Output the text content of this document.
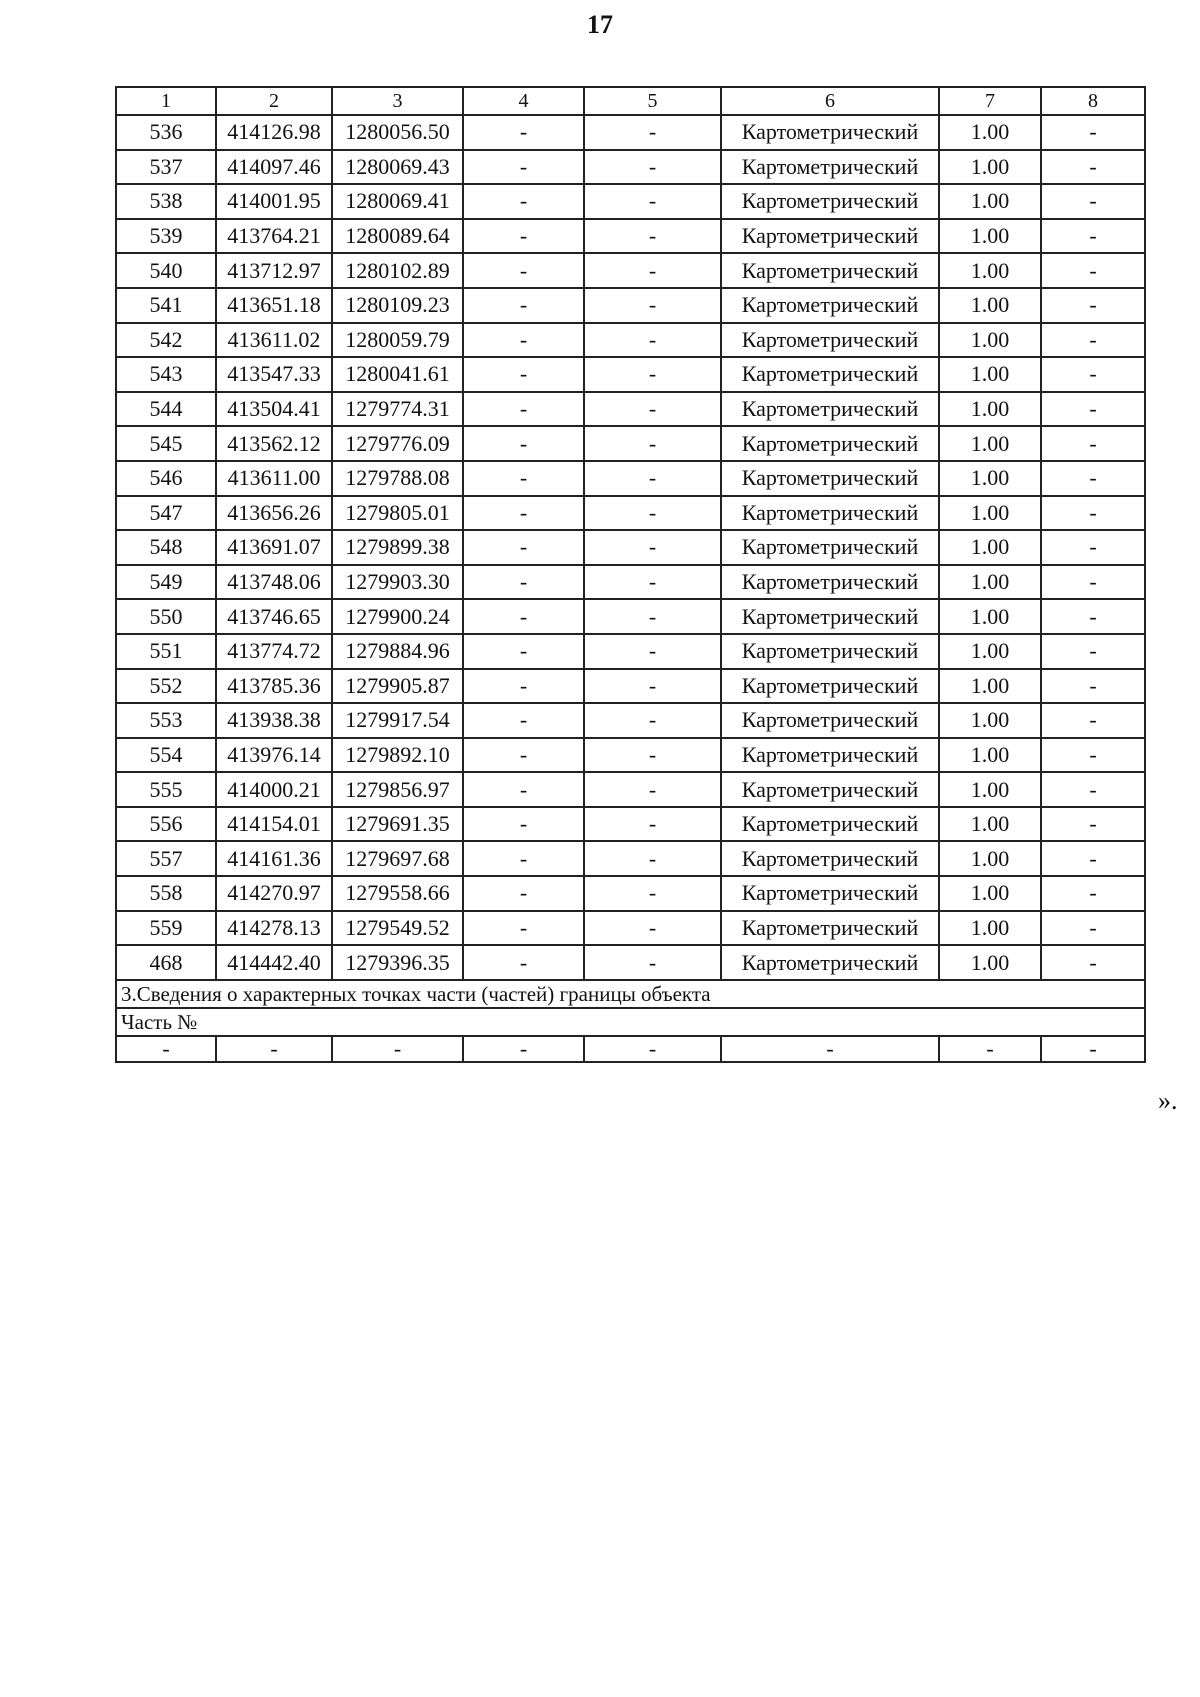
17
1	2	3	4	5	6	7	8
536	414126.98	1280056.50	-	-	Картометрический	1.00	-
537	414097.46	1280069.43	-	-	Картометрический	1.00	-
538	414001.95	1280069.41	-	-	Картометрический	1.00	-
539	413764.21	1280089.64	-	-	Картометрический	1.00	-
540	413712.97	1280102.89	-	-	Картометрический	1.00	-
541	413651.18	1280109.23	-	-	Картометрический	1.00	-
542	413611.02	1280059.79	-	-	Картометрический	1.00	-
543	413547.33	1280041.61	-	-	Картометрический	1.00	-
544	413504.41	1279774.31	-	-	Картометрический	1.00	-
545	413562.12	1279776.09	-	-	Картометрический	1.00	-
546	413611.00	1279788.08	-	-	Картометрический	1.00	-
547	413656.26	1279805.01	-	-	Картометрический	1.00	-
548	413691.07	1279899.38	-	-	Картометрический	1.00	-
549	413748.06	1279903.30	-	-	Картометрический	1.00	-
550	413746.65	1279900.24	-	-	Картометрический	1.00	-
551	413774.72	1279884.96	-	-	Картометрический	1.00	-
552	413785.36	1279905.87	-	-	Картометрический	1.00	-
553	413938.38	1279917.54	-	-	Картометрический	1.00	-
554	413976.14	1279892.10	-	-	Картометрический	1.00	-
555	414000.21	1279856.97	-	-	Картометрический	1.00	-
556	414154.01	1279691.35	-	-	Картометрический	1.00	-
557	414161.36	1279697.68	-	-	Картометрический	1.00	-
558	414270.97	1279558.66	-	-	Картометрический	1.00	-
559	414278.13	1279549.52	-	-	Картометрический	1.00	-
468	414442.40	1279396.35	-	-	Картометрический	1.00	-
3.Сведения о характерных точках части (частей) границы объекта							
Часть №							
-	-	-	-	-	-	-	-
».
